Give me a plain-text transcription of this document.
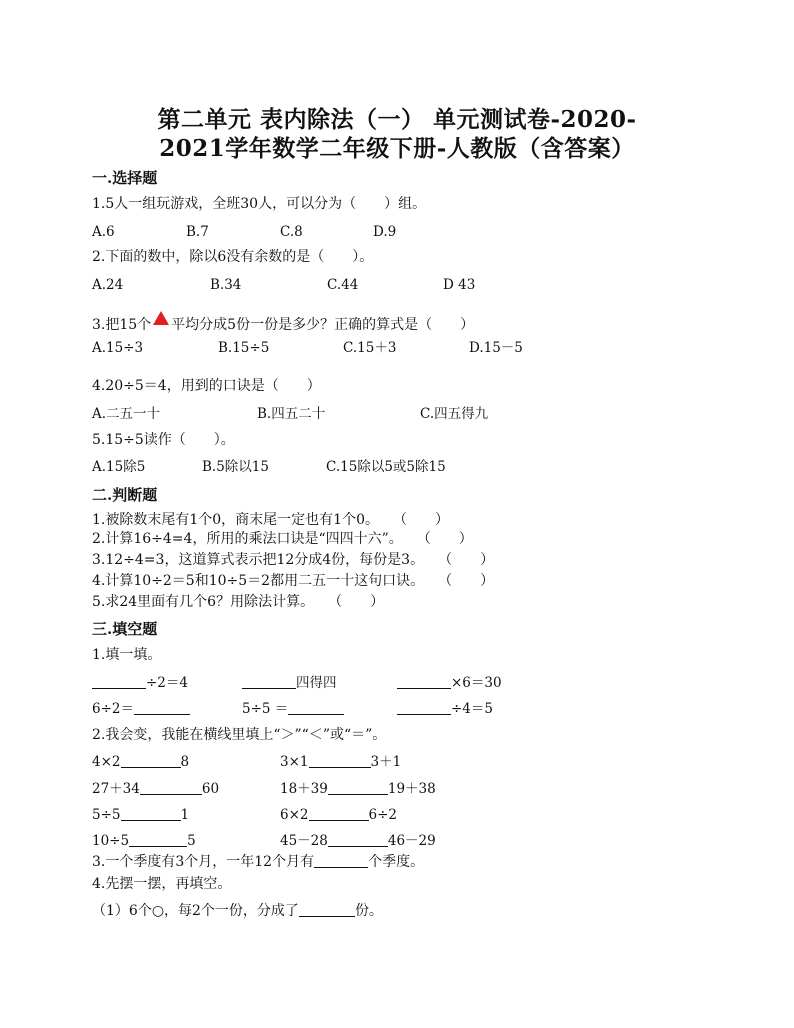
第二单元 表内除法（一） 单元测试卷-2020-
2021学年数学二年级下册-人教版（含答案）
一.选择题
1.5人一组玩游戏，全班30人，可以分为（　　）组。
A.6	B.7	C.8	D.9
2.下面的数中，除以6没有余数的是（　　）。
A.24	B.34	C.44	D 43
3.把15个 平均分成5份一份是多少？正确的算式是（　　）
A.15÷3	B.15÷5	C.15＋3	D.15－5
4.20÷5＝4，用到的口诀是（　　）
A.二五一十	B.四五二十	C.四五得九
5.15÷5读作（　　）。
A.15除5	B.5除以15	C.15除以5或5除15
二.判断题
1.被除数末尾有1个0，商末尾一定也有1个0。　　（　　）
2.计算16÷4=4，所用的乘法口诀是“四四十六”。　　（　　）
3.12÷4=3，这道算式表示把12分成4份，每份是3。　　（　　）
4.计算10÷2＝5和10÷5＝2都用二五一十这句口诀。　　（　　）
5.求24里面有几个6？用除法计算。　　（　　）
三.填空题
1.填一填。
÷2＝4	四得四	×6＝30
6÷2＝	5÷5 ＝	÷4＝5
2.我会变，我能在横线里填上“＞”“＜”或“＝”。
4×2	8	3×1	3＋1
27＋34	60	18＋39	19＋38
5÷5	1	6×2	6÷2
10÷5	5	45－28	46－29
3.一个季度有3个月，一年12个月有	个季度。
4.先摆一摆，再填空。
（1）6个○，每2个一份，分成了	份。
